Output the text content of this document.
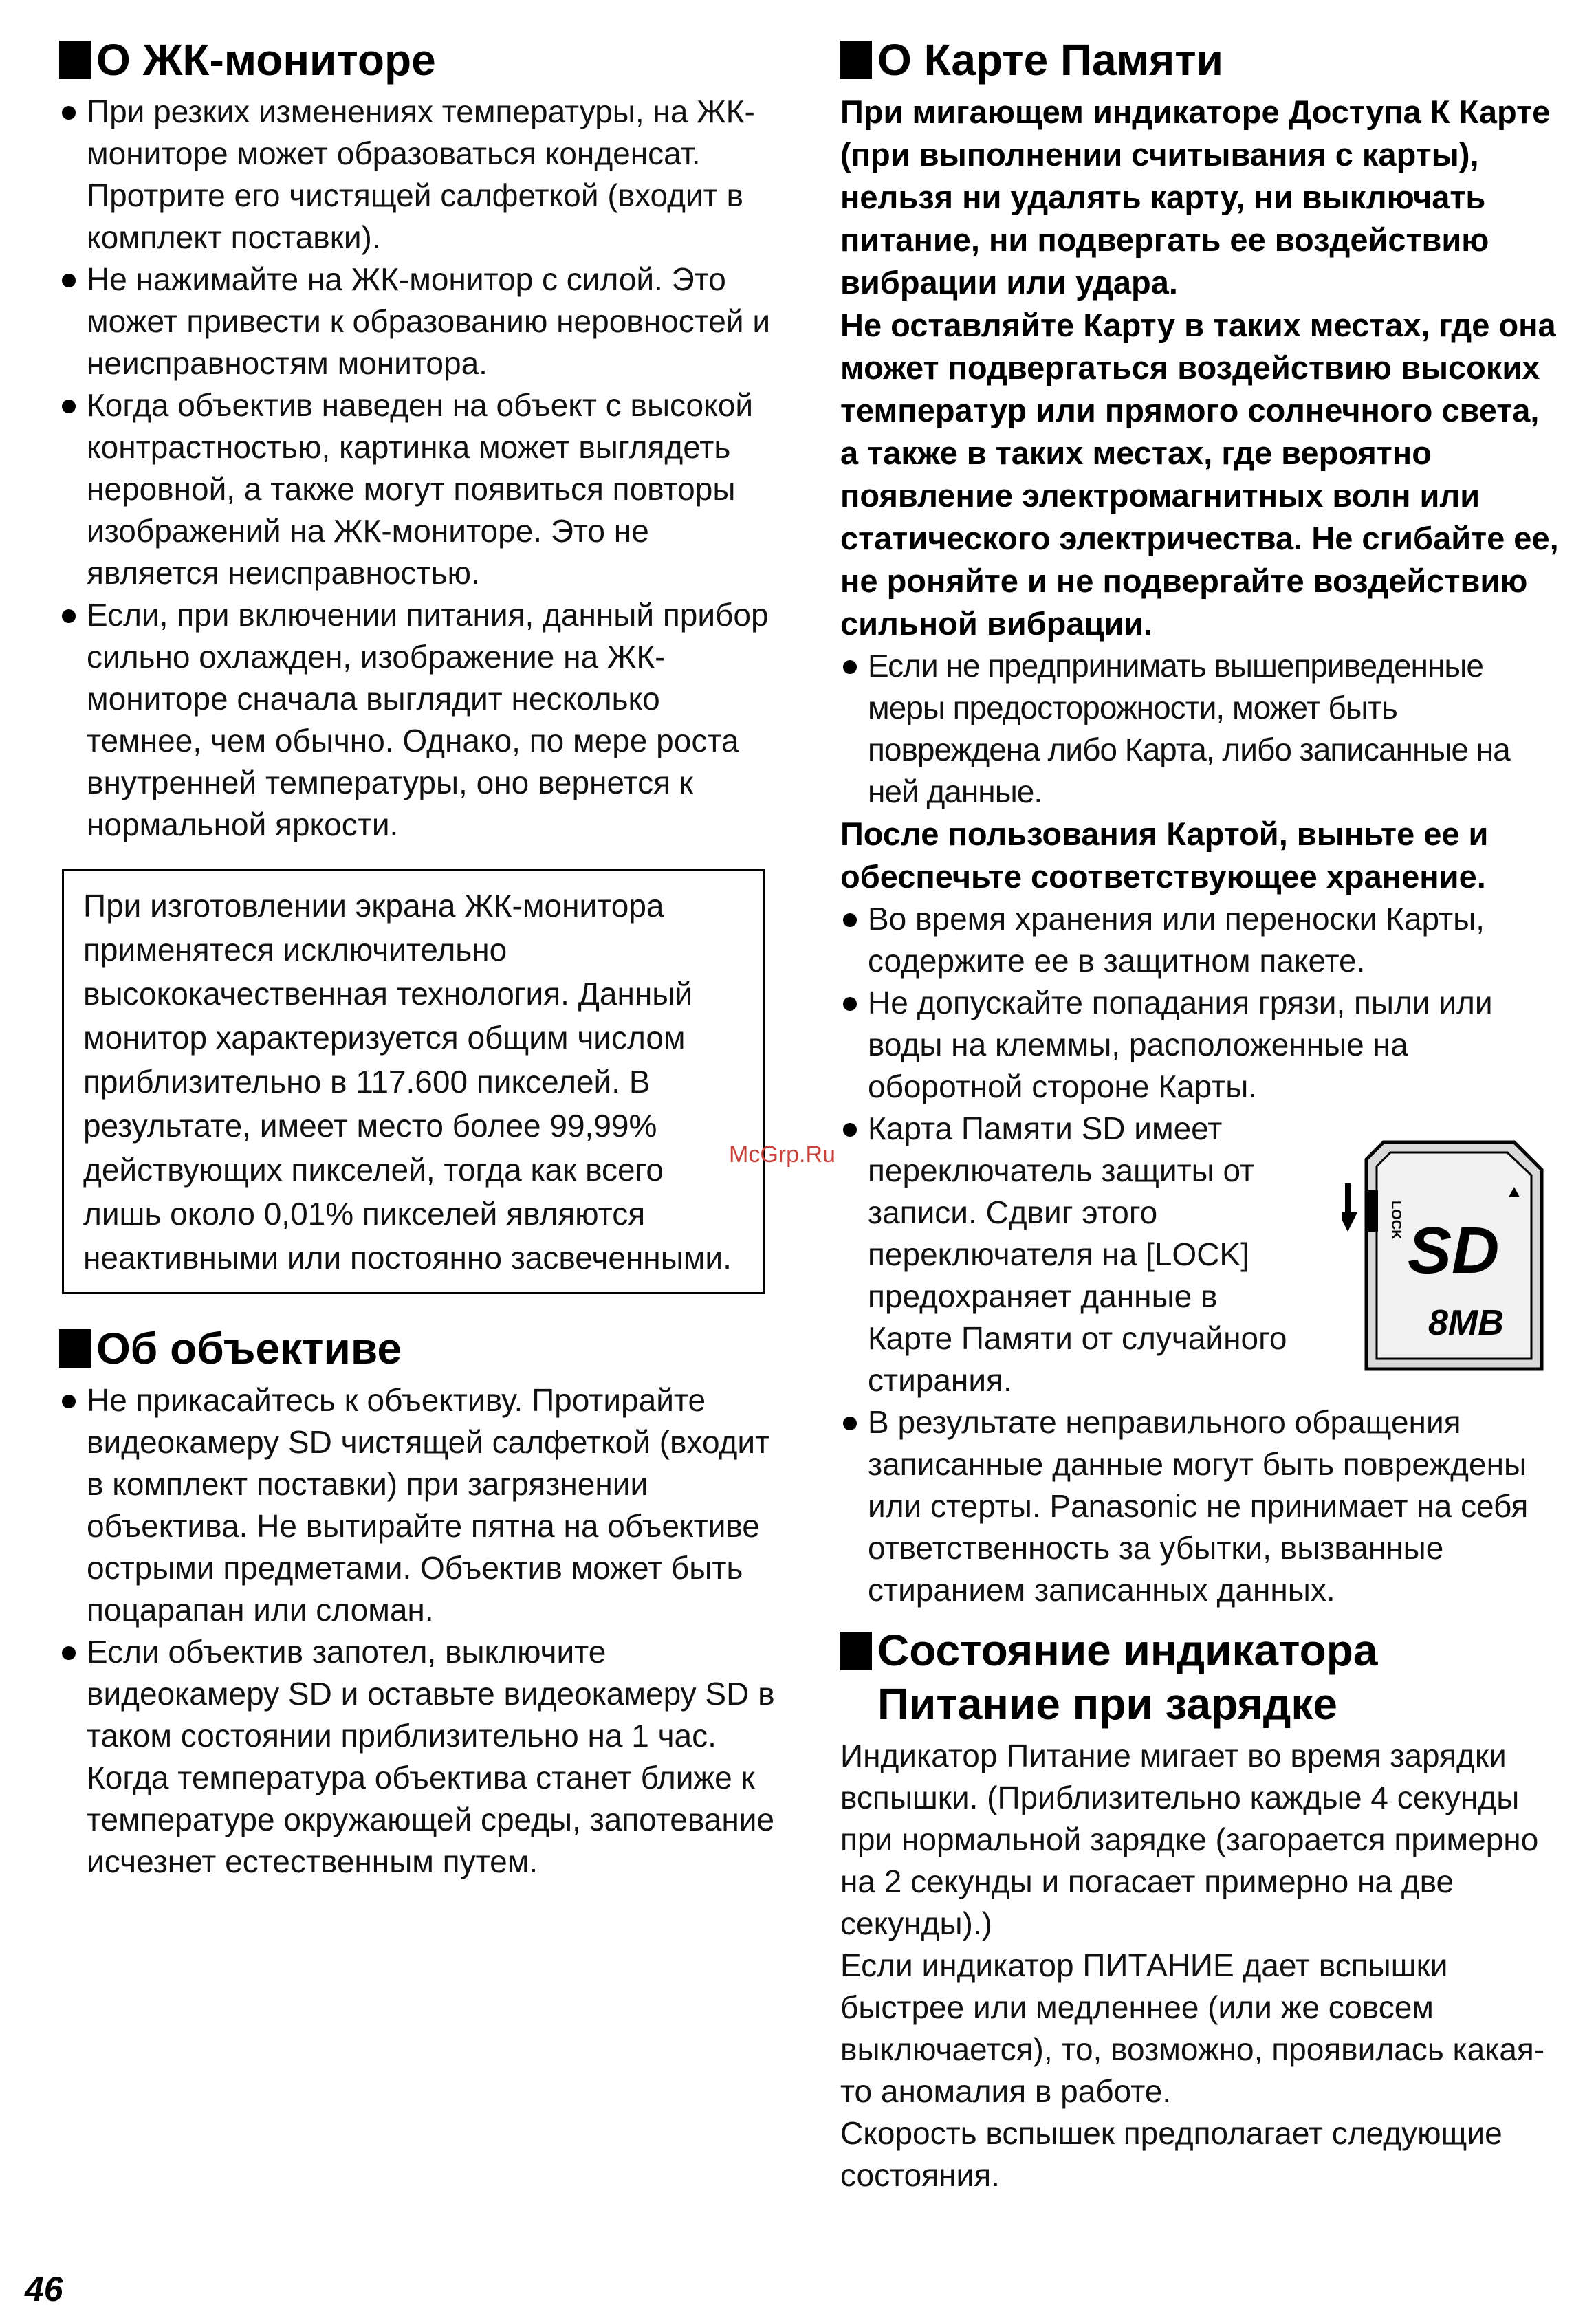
О ЖК-мониторе
При резких изменениях температуры, на ЖК-мониторе может образоваться конденсат. Протрите его чистящей салфеткой (входит в комплект поставки).
Не нажимайте на ЖК-монитор с силой. Это может привести к образованию неровностей и неисправностям монитора.
Когда объектив наведен на объект с высокой контрастностью, картинка может выглядеть неровной, а также могут появиться повторы изображений на ЖК-мониторе. Это не является неисправностью.
Если, при включении питания, данный прибор сильно охлажден, изображение на ЖК-мониторе сначала выглядит несколько темнее, чем обычно. Однако, по мере роста внутренней температуры, оно вернется к нормальной яркости.

При изготовлении экрана ЖК-монитора применятеся исключительно высококачественная технология. Данный монитор характеризуется общим числом приблизительно в 117.600 пикселей. В результате, имеет место более 99,99% действующих пикселей, тогда как всего лишь около 0,01% пикселей являются неактивными или постоянно засвеченными.

Об объективе
Не прикасайтесь к объективу. Протирайте видеокамеру SD чистящей салфеткой (входит в комплект поставки) при загрязнении объектива. Не вытирайте пятна на объективе острыми предметами. Объектив может быть поцарапан или сломан.
Если объектив запотел, выключите видеокамеру SD и оставьте видеокамеру SD в таком состоянии приблизительно на 1 час. Когда температура объектива станет ближе к температуре окружающей среды, запотевание исчезнет естественным путем.
О Карте Памяти

При мигающем индикаторе Доступа К Карте (при выполнении считывания с карты), нельзя ни удалять карту, ни выключать питание, ни подвергать ее воздействию вибрации или удара.

Не оставляйте Карту в таких местах, где она может подвергаться воздействию высоких температур или прямого солнечного света, а также в таких местах, где вероятно появление электромагнитных волн или статического электричества. Не сгибайте ее, не роняйте и не подвергайте воздействию сильной вибрации.

Если не предпринимать вышеприведенные меры предосторожности, может быть повреждена либо Карта, либо записанные на ней данные.

После пользования Картой, выньте ее и обеспечьте соответствующее хранение.

Во время хранения или переноски Карты, содержите ее в защитном пакете.
Не допускайте попадания грязи, пыли или воды на клеммы, расположенные на оборотной стороне Карты.
Карта Памяти SD имеет переключатель защиты от записи. Сдвиг этого переключателя на [LOCK] предохраняет данные в Карте Памяти от случайного стирания.
LOCK SD
8MB
В результате неправильного обращения записанные данные могут быть повреждены или стерты. Panasonic не принимает на себя ответственность за убытки, вызванные стиранием записанных данных.
Состояние индикатора
Питание при зарядке

Индикатор Питание мигает во время зарядки вспышки. (Приблизительно каждые 4 секунды при нормальной зарядке (загорается примерно на 2 секунды и погасает примерно на две секунды).)

Если индикатор ПИТАНИЕ дает вспышки быстрее или медленнее (или же совсем выключается), то, возможно, проявилась какая-то аномалия в работе.

Скорость вспышек предполагает следующие состояния.

McGrp.Ru
46
